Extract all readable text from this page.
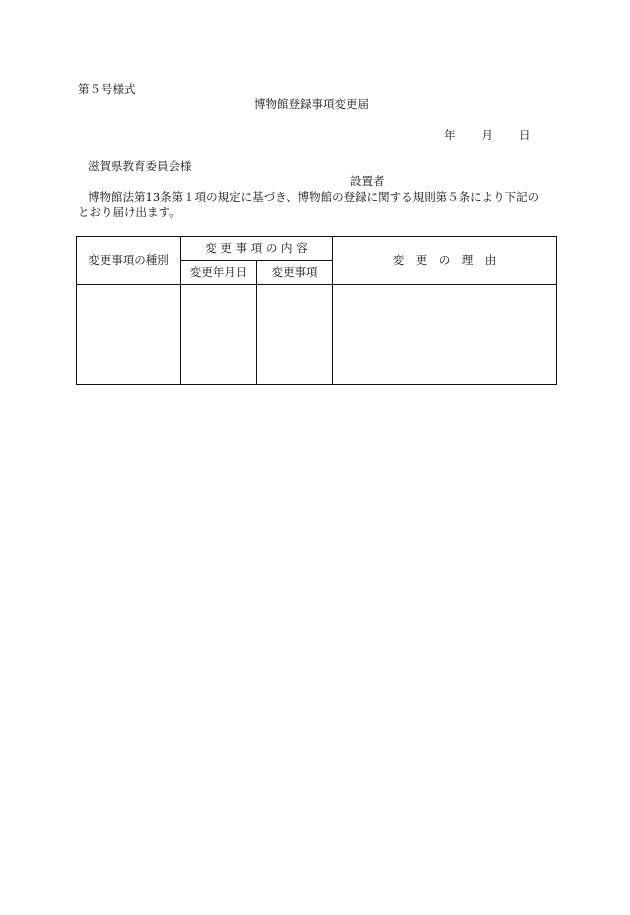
第５号様式
博物館登録事項変更届
年 月 日
滋賀県教育委員会様
設置者
博物館法第13条第１項の規定に基づき、博物館の登録に関する規則第５条により下記の
とおり届け出ます。
変更事項の種別	変 更 事 項 の 内 容		変　更　の　理　由
	変更年月日	変更事項	
